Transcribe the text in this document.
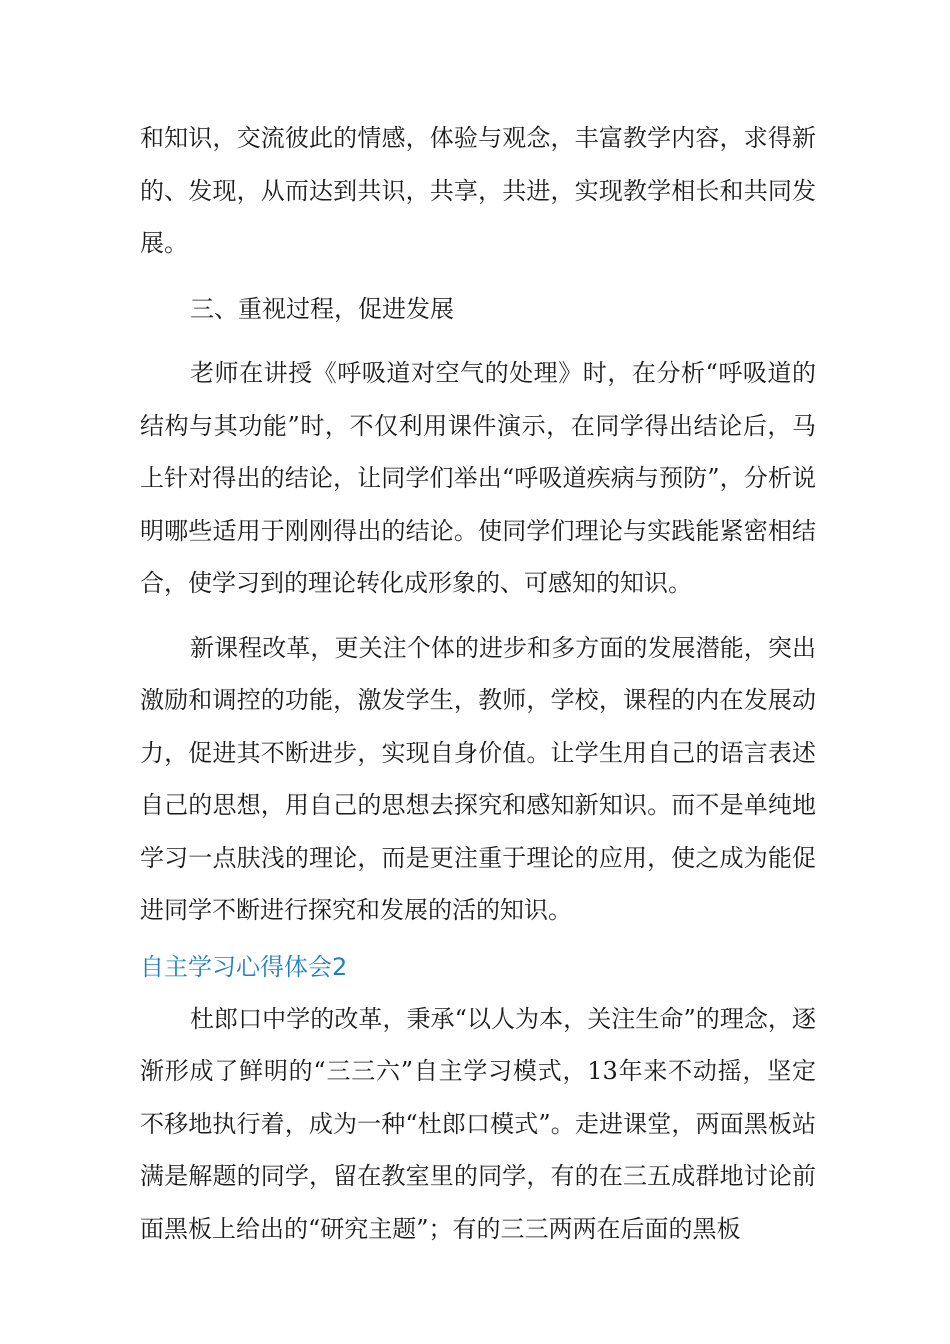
和知识，交流彼此的情感，体验与观念，丰富教学内容，求得新的、发现，从而达到共识，共享，共进，实现教学相长和共同发展。

三、重视过程，促进发展

老师在讲授《呼吸道对空气的处理》时，在分析“呼吸道的结构与其功能”时，不仅利用课件演示，在同学得出结论后，马上针对得出的结论，让同学们举出“呼吸道疾病与预防”，分析说明哪些适用于刚刚得出的结论。使同学们理论与实践能紧密相结合，使学习到的理论转化成形象的、可感知的知识。

新课程改革，更关注个体的进步和多方面的发展潜能，突出激励和调控的功能，激发学生，教师，学校，课程的内在发展动力，促进其不断进步，实现自身价值。让学生用自己的语言表述自己的思想，用自己的思想去探究和感知新知识。而不是单纯地学习一点肤浅的理论，而是更注重于理论的应用，使之成为能促进同学不断进行探究和发展的活的知识。

自主学习心得体会2

杜郎口中学的改革，秉承“以人为本，关注生命”的理念，逐渐形成了鲜明的“三三六”自主学习模式，13年来不动摇，坚定不移地执行着，成为一种“杜郎口模式”。走进课堂，两面黑板站满是解题的同学，留在教室里的同学，有的在三五成群地讨论前面黑板上给出的“研究主题”；有的三三两两在后面的黑板
